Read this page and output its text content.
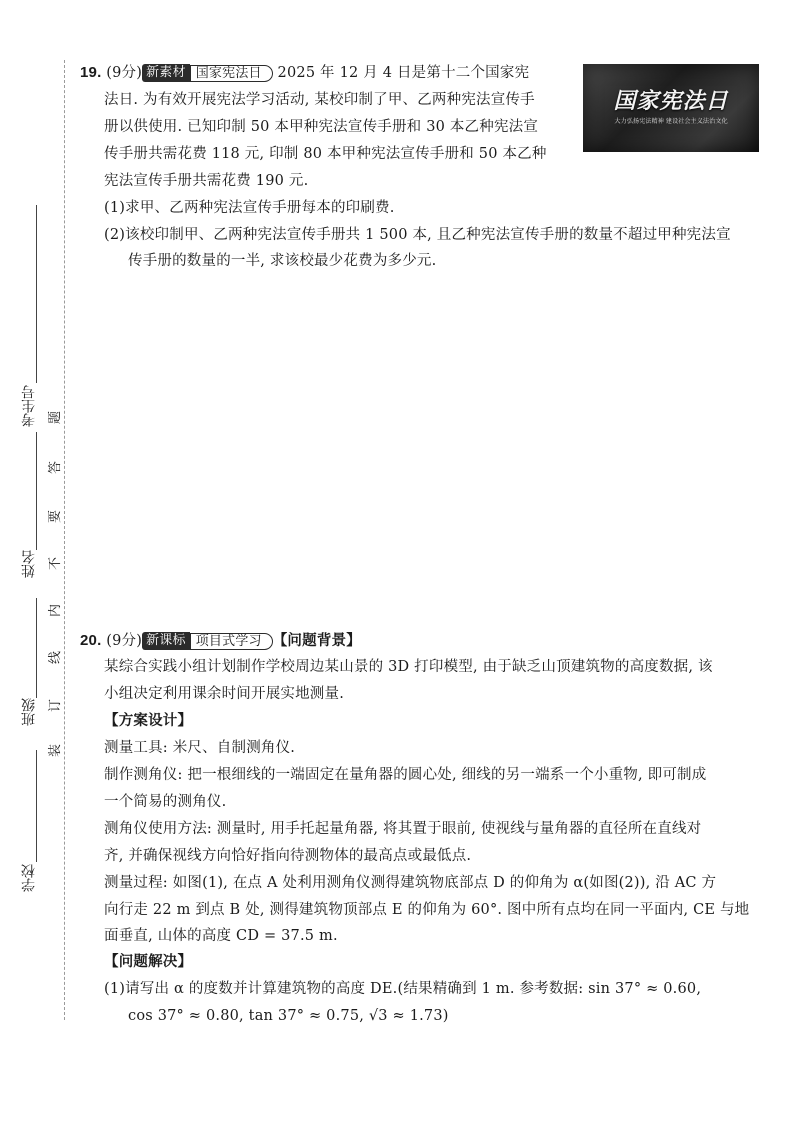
考生号
姓名
班级
学校
题
答
要
不
内
线
订
装
19. (9分) 新素材 国家宪法日 2025 年 12 月 4 日是第十二个国家宪
法日. 为有效开展宪法学习活动, 某校印制了甲、乙两种宪法宣传手
册以供使用. 已知印制 50 本甲种宪法宣传手册和 30 本乙种宪法宣
传手册共需花费 118 元, 印制 80 本甲种宪法宣传手册和 50 本乙种
宪法宣传手册共需花费 190 元.
(1)求甲、乙两种宪法宣传手册每本的印刷费.
(2)该校印制甲、乙两种宪法宣传手册共 1 500 本, 且乙种宪法宣传手册的数量不超过甲种宪法宣
传手册的数量的一半, 求该校最少花费为多少元.
国家宪法日
大力弘扬宪法精神 建设社会主义法治文化
20. (9分) 新课标 项目式学习 【问题背景】
某综合实践小组计划制作学校周边某山景的 3D 打印模型, 由于缺乏山顶建筑物的高度数据, 该
小组决定利用课余时间开展实地测量.
【方案设计】
测量工具: 米尺、自制测角仪.
制作测角仪: 把一根细线的一端固定在量角器的圆心处, 细线的另一端系一个小重物, 即可制成
一个简易的测角仪.
测角仪使用方法: 测量时, 用手托起量角器, 将其置于眼前, 使视线与量角器的直径所在直线对
齐, 并确保视线方向恰好指向待测物体的最高点或最低点.
测量过程: 如图(1), 在点 A 处利用测角仪测得建筑物底部点 D 的仰角为 α(如图(2)), 沿 AC 方
向行走 22 m 到点 B 处, 测得建筑物顶部点 E 的仰角为 60°. 图中所有点均在同一平面内, CE 与地
面垂直, 山体的高度 CD = 37.5 m.
【问题解决】
(1)请写出 α 的度数并计算建筑物的高度 DE.(结果精确到 1 m. 参考数据: sin 37° ≈ 0.60,
cos 37° ≈ 0.80, tan 37° ≈ 0.75, √3 ≈ 1.73)
